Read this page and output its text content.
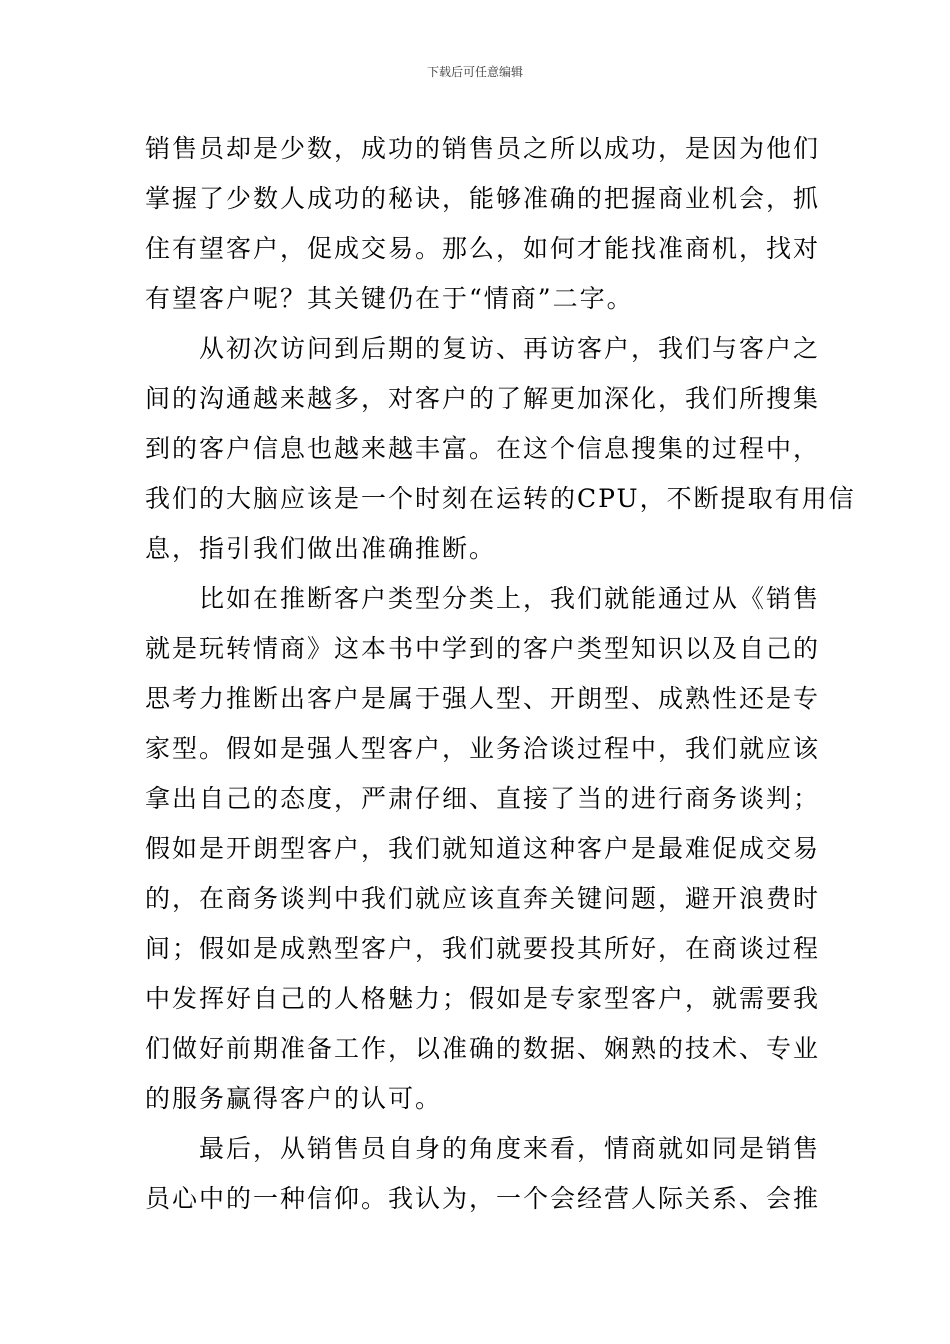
下载后可任意编辑
销售员却是少数，成功的销售员之所以成功，是因为他们
掌握了少数人成功的秘诀，能够准确的把握商业机会，抓
住有望客户，促成交易。那么，如何才能找准商机，找对
有望客户呢？其关键仍在于“情商”二字。
从初次访问到后期的复访、再访客户，我们与客户之
间的沟通越来越多，对客户的了解更加深化，我们所搜集
到的客户信息也越来越丰富。在这个信息搜集的过程中，
我们的大脑应该是一个时刻在运转的CPU，不断提取有用信
息，指引我们做出准确推断。
比如在推断客户类型分类上，我们就能通过从《销售
就是玩转情商》这本书中学到的客户类型知识以及自己的
思考力推断出客户是属于强人型、开朗型、成熟性还是专
家型。假如是强人型客户，业务洽谈过程中，我们就应该
拿出自己的态度，严肃仔细、直接了当的进行商务谈判；
假如是开朗型客户，我们就知道这种客户是最难促成交易
的，在商务谈判中我们就应该直奔关键问题，避开浪费时
间；假如是成熟型客户，我们就要投其所好，在商谈过程
中发挥好自己的人格魅力；假如是专家型客户，就需要我
们做好前期准备工作，以准确的数据、娴熟的技术、专业
的服务赢得客户的认可。
最后，从销售员自身的角度来看，情商就如同是销售
员心中的一种信仰。我认为，一个会经营人际关系、会推
